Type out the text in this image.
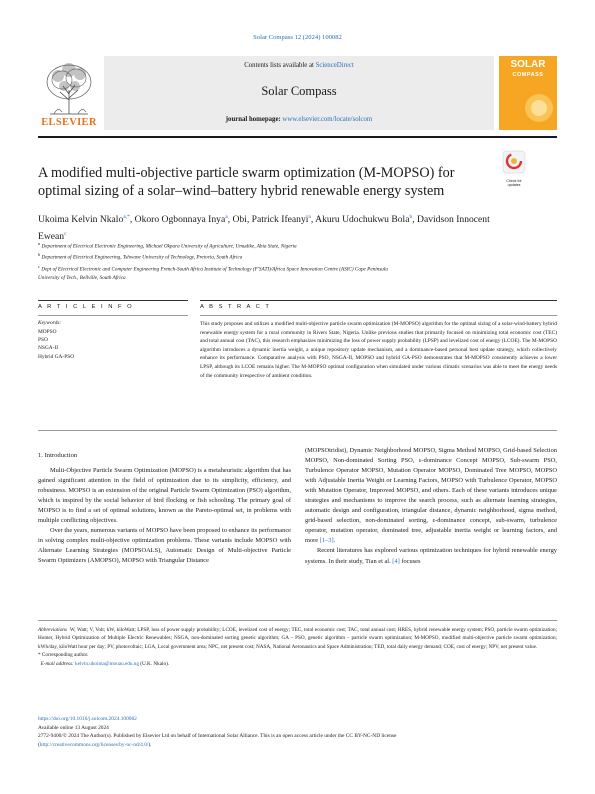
Solar Compass 12 (2024) 100082
ELSEVIER
Contents lists available at ScienceDirect
Solar Compass
journal homepage: www.elsevier.com/locate/solcom
SOLAR
COMPASS
A modified multi-objective particle swarm optimization (M-MOPSO) for
optimal sizing of a solar–wind–battery hybrid renewable energy system
Check for updates
Ukoima Kelvin Nkalo$^{a,*}$, Okoro Ogbonnaya Inya$^a$, Obi, Patrick Ifeanyi$^a$, Akuru Udochukwu Bola$^b$, Davidson Innocent Ewean$^c$
$^a$ Department of Electrical Electronic Engineering, Michael Okpara University of Agriculture, Umudike, Abia State, Nigeria
$^b$ Department of Electrical Engineering, Tshwane University of Technology, Pretoria, South Africa
$^c$ Dept of Electrical Electronic and Computer Engineering French-South Africa Institute of Technology (F'SATI)/Africa Space Innovation Centre (ASIC) Cape Peninsula
University of Tech., Bellville, South Africa
A R T I C L E I N F O	A B S T R A C T
Keywords:
MOPSO
PSO
NSGA-II
Hybrid GA-PSO
This study proposes and utilizes a modified multi-objective particle swarm optimization (M-MOPSO) algorithm for the optimal sizing of a solar-wind-battery hybrid renewable energy system for a rural community in Rivers State, Nigeria. Unlike previous studies that primarily focused on minimizing total economic cost (TEC) and total annual cost (TAC), this research emphasizes minimizing the loss of power supply probability (LPSP) and levelized cost of energy (LCOE). The M-MOPSO algorithm introduces a dynamic inertia weight, a unique repository update mechanism, and a dominance-based personal best update strategy, which collectively enhance its performance. Comparative analysis with PSO, NSGA-II, MOPSO and hybrid GA-PSO demonstrates that M-MOPSO consistently achieves a lower LPSP, although its LCOE remains higher. The M-MOPSO optimal configuration when simulated under various climatic scenarios was able to meet the energy needs of the community irrespective of ambient condition.
1. Introduction

Multi-Objective Particle Swarm Optimization (MOPSO) is a metaheuristic algorithm that has gained significant attention in the field of optimization due to its simplicity, efficiency, and robustness. MOPSO is an extension of the original Particle Swarm Optimization (PSO) algorithm, which is inspired by the social behavior of bird flocking or fish schooling. The primary goal of MOPSO is to find a set of optimal solutions, known as the Pareto-optimal set, in problems with multiple conflicting objectives.

Over the years, numerous variants of MOPSO have been proposed to enhance its performance in solving complex multi-objective optimization problems. These variants include MOPSO with Alternate Learning Strategies (MOPSOALS), Automatic Design of Multi-objective Particle Swarm Optimizers (AMOPSO), MOPSO with Triangular Distance

(MOPSOtridist), Dynamic Neighborhood MOPSO, Sigma Method MOPSO, Grid-based Selection MOPSO, Non-dominated Sorting PSO, ε-dominance Concept MOPSO, Sub-swarm PSO, Turbulence Operator MOPSO, Mutation Operator MOPSO, Dominated Tree MOPSO, MOPSO with Adjustable Inertia Weight or Learning Factors, MOPSO with Turbulence Operator, MOPSO with Mutation Operator, Improved MOPSO, and others. Each of these variants introduces unique strategies and mechanisms to improve the search process, such as alternate learning strategies, automatic design and configuration, triangular distance, dynamic neighborhood, sigma method, grid-based selection, non-dominated sorting, ε-dominance concept, sub-swarm, turbulence operator, mutation operator, dominated tree, adjustable inertia weight or learning factors, and more [1–3].

Recent literatures has explored various optimization techniques for hybrid renewable energy systems. In their study, Tian et al. [4] focuses

Abbreviations W, Watt; V, Volt; kW, kiloWatt; LPSP, loss of power supply probability; LCOE, levelized cost of energy; TEC, total economic cost; TAC, total annual cost; HRES, hybrid renewable energy system; PSO, particle swarm optimization; Homer, Hybrid Optimization of Multiple Electric Renewables; NSGA, non-dominated sorting genetic algorithm; GA – PSO, genetic algorithm – particle swarm optimization; M-MOPSO, modified multi-objective particle swarm optimization; kWh/day, kiloWatt hour per day; PV, photovoltaic; LGA, Local government area; NPC, net present cost; NASA, National Aeronautics and Space Administration; TED, total daily energy demand; COE, cost of energy; NPV, net present value.
* Corresponding author.
E-mail address: kelvin.ukoima@mouau.edu.ng (U.K. Nkalo).
https://doi.org/10.1016/j.solcom.2024.100082
Available online 13 August 2024
2772-9400/© 2024 The Author(s). Published by Elsevier Ltd on behalf of International Solar Alliance. This is an open access article under the CC BY-NC-ND license
(http://creativecommons.org/licenses/by-nc-nd/4.0/).
